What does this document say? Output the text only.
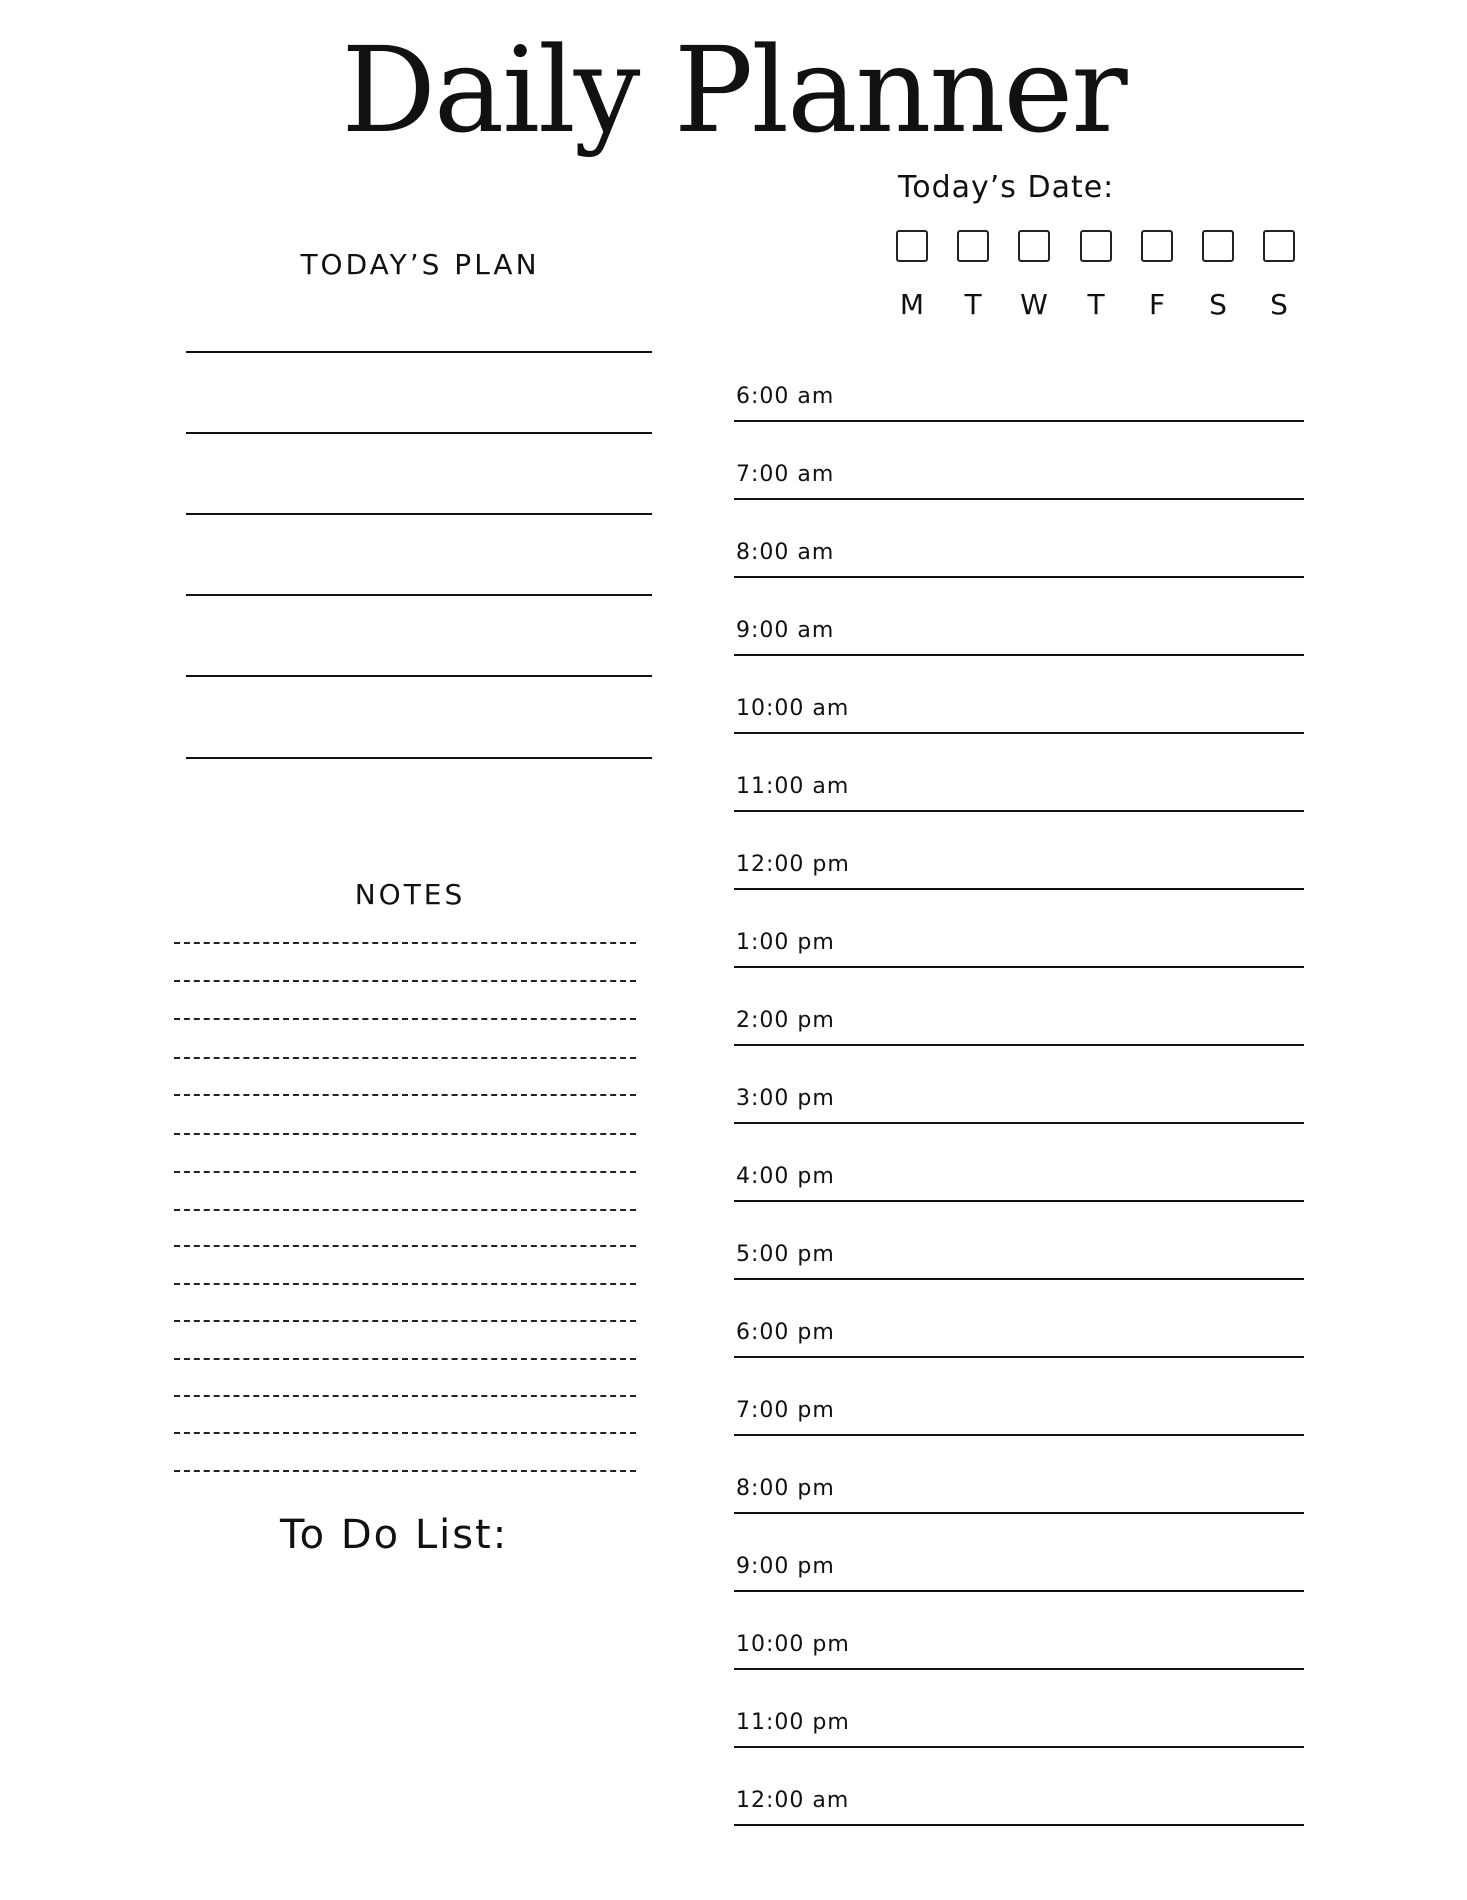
Daily Planner
Today’s Date:
M	T	W	T	F	S	S
TODAY’S PLAN
NOTES
To Do List:
6:00 am
7:00 am
8:00 am
9:00 am
10:00 am
11:00 am
12:00 pm
1:00 pm
2:00 pm
3:00 pm
4:00 pm
5:00 pm
6:00 pm
7:00 pm
8:00 pm
9:00 pm
10:00 pm
11:00 pm
12:00 am
